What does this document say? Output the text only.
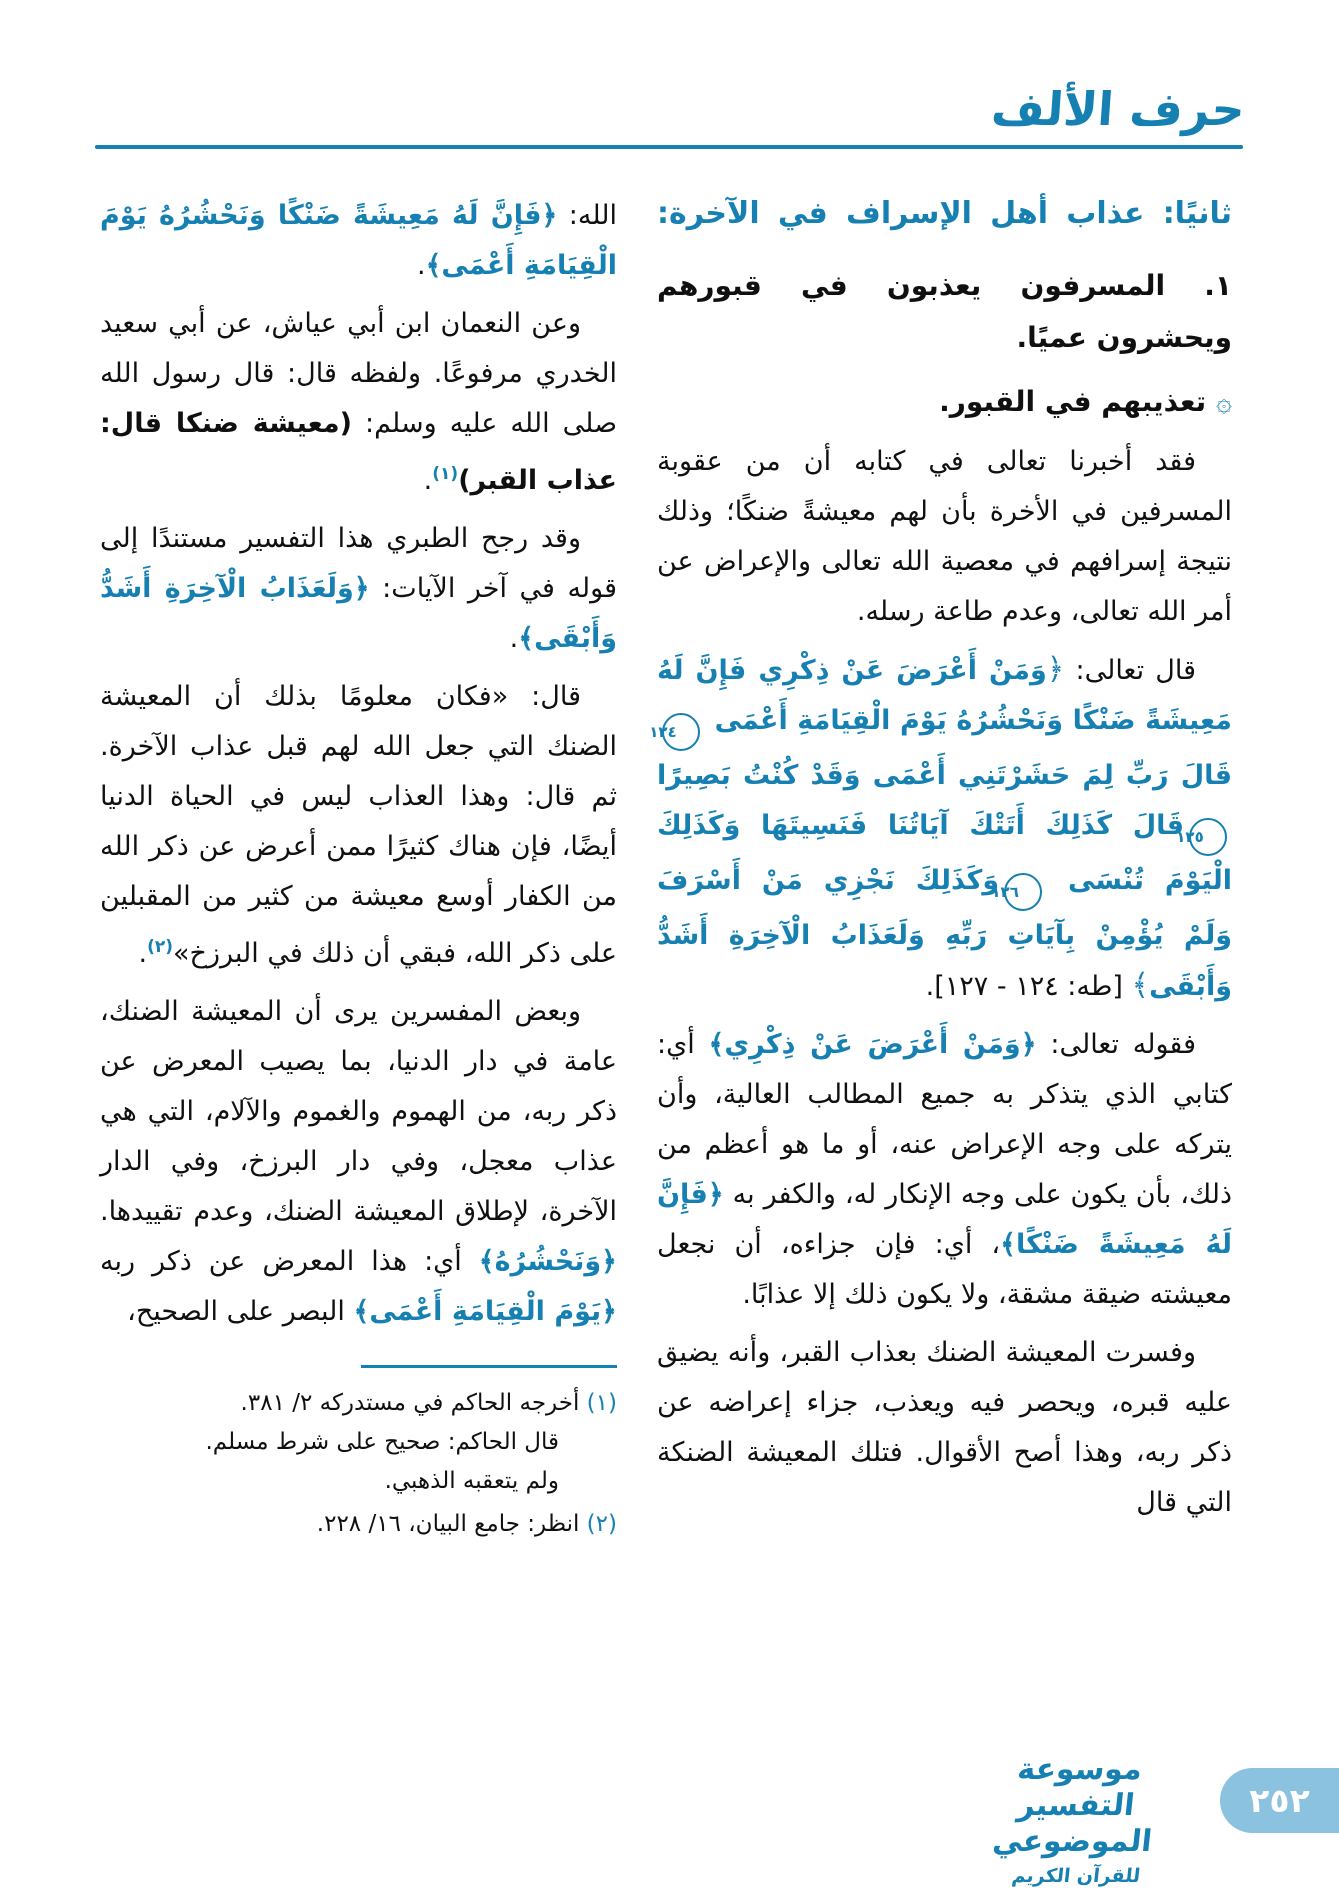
حرف الألف
ثانيًا: عذاب أهل الإسراف في الآخرة:

١. المسرفون يعذبون في قبورهم ويحشرون عميًا.

۞تعذيبهم في القبور.

فقد أخبرنا تعالى في كتابه أن من عقوبة المسرفين في الأخرة بأن لهم معيشةً ضنكًا؛ وذلك نتيجة إسرافهم في معصية الله تعالى والإعراض عن أمر الله تعالى، وعدم طاعة رسله.

قال تعالى: ﴿وَمَنْ أَعْرَضَ عَنْ ذِكْرِي فَإِنَّ لَهُ مَعِيشَةً ضَنْكًا وَنَحْشُرُهُ يَوْمَ الْقِيَامَةِ أَعْمَى ١٢٤قَالَ رَبِّ لِمَ حَشَرْتَنِي أَعْمَى وَقَدْ كُنْتُ بَصِيرًا ١٢٥قَالَ كَذَلِكَ أَتَتْكَ آيَاتُنَا فَنَسِيتَهَا وَكَذَلِكَ الْيَوْمَ تُنْسَى ١٢٦وَكَذَلِكَ نَجْزِي مَنْ أَسْرَفَ وَلَمْ يُؤْمِنْ بِآيَاتِ رَبِّهِ وَلَعَذَابُ الْآخِرَةِ أَشَدُّ وَأَبْقَى﴾ [طه: ١٢٤ - ١٢٧].

فقوله تعالى: ﴿وَمَنْ أَعْرَضَ عَنْ ذِكْرِي﴾ أي: كتابي الذي يتذكر به جميع المطالب العالية، وأن يتركه على وجه الإعراض عنه، أو ما هو أعظم من ذلك، بأن يكون على وجه الإنكار له، والكفر به ﴿فَإِنَّ لَهُ مَعِيشَةً ضَنْكًا﴾، أي: فإن جزاءه، أن نجعل معيشته ضيقة مشقة، ولا يكون ذلك إلا عذابًا.

وفسرت المعيشة الضنك بعذاب القبر، وأنه يضيق عليه قبره، ويحصر فيه ويعذب، جزاء إعراضه عن ذكر ربه، وهذا أصح الأقوال. فتلك المعيشة الضنكة التي قال

الله: ﴿فَإِنَّ لَهُ مَعِيشَةً ضَنْكًا وَنَحْشُرُهُ يَوْمَ الْقِيَامَةِ أَعْمَى﴾.

وعن النعمان ابن أبي عياش، عن أبي سعيد الخدري مرفوعًا. ولفظه قال: قال رسول الله صلى الله عليه وسلم: (معيشة ضنكا قال: عذاب القبر)$^{(١)}$.

وقد رجح الطبري هذا التفسير مستندًا إلى قوله في آخر الآيات: ﴿وَلَعَذَابُ الْآخِرَةِ أَشَدُّ وَأَبْقَى﴾.

قال: «فكان معلومًا بذلك أن المعيشة الضنك التي جعل الله لهم قبل عذاب الآخرة. ثم قال: وهذا العذاب ليس في الحياة الدنيا أيضًا، فإن هناك كثيرًا ممن أعرض عن ذكر الله من الكفار أوسع معيشة من كثير من المقبلين على ذكر الله، فبقي أن ذلك في البرزخ»$^{(٢)}$.

وبعض المفسرين يرى أن المعيشة الضنك، عامة في دار الدنيا، بما يصيب المعرض عن ذكر ربه، من الهموم والغموم والآلام، التي هي عذاب معجل، وفي دار البرزخ، وفي الدار الآخرة، لإطلاق المعيشة الضنك، وعدم تقييدها. ﴿وَنَحْشُرُهُ﴾ أي: هذا المعرض عن ذكر ربه ﴿يَوْمَ الْقِيَامَةِ أَعْمَى﴾ البصر على الصحيح،

(١) أخرجه الحاكم في مستدركه ٢/ ٣٨١.
قال الحاكم: صحيح على شرط مسلم.
ولم يتعقبه الذهبي.

(٢) انظر: جامع البيان، ١٦/ ٢٢٨.

موسوعة التفسير الموضوعي
للقرآن الكريم
٢٥٢
